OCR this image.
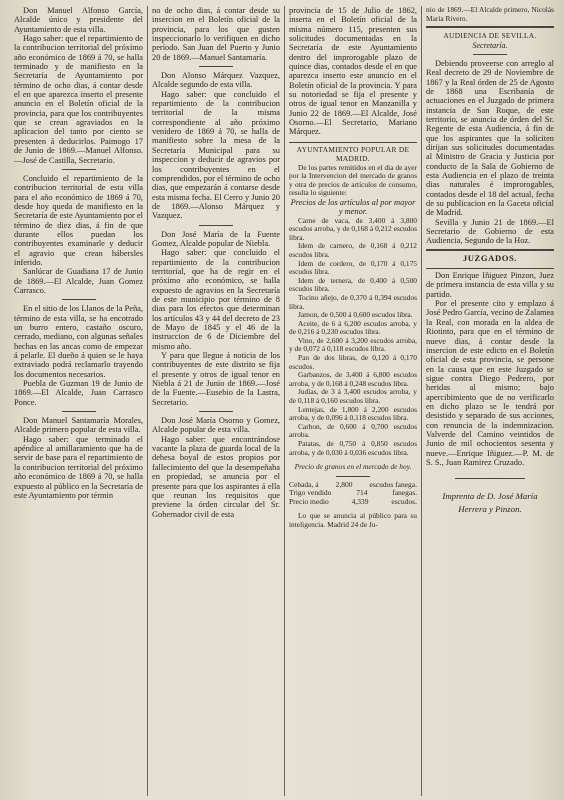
Don Manuel Alfonso García, Alcalde único y presidente del Ayuntamiento de esta villa.

Hago saber: que el repartimiento de la contribucion territorial del próximo año económico de 1869 á 70, se halla terminado y de manifiesto en la Secretaría de Ayuntamiento por término de ocho dias, á contar desde el en que aparezca inserto el presente anuncio en el Boletín oficial de la provincia, para que los contribuyentes que se crean agraviados en la aplicacion del tanto por ciento se presenten á deducirlos. Paimogo 17 de Junio de 1869.—Manuel Alfonso.—José de Castilla, Secretario.

Concluido el repartimiento de la contribucion territorial de esta villa para el año económico de 1869 á 70, desde hoy queda de manifiesto en la Secretaría de este Ayuntamiento por el término de diez dias, á fin de que durante ellos puedan los contribuyentes examinarle y deducir el agravio que crean hábersles inferido.

Sanlúcar de Guadiana 17 de Junio de 1869.—El Alcalde, Juan Gomez Carrasco.

En el sitio de los Llanos de la Peña, término de esta villa, se ha encotrado un burro entero, castaño oscuro, cerrado, mediano, con algunas señales hechas en las ancas como de empezar á pelarle. El dueño á quien se le haya extraviado podrá reclamarlo trayendo los documentos necesarios.

Puebla de Guzman 19 de Junio de 1869.—El Alcalde, Juan Carrasco Ponce.

Don Manuel Santamaría Morales, Alcalde primero popular de esta villa.

Hago saber: que terminado el apéndice al amillaramiento que ha de servir de base para el repartimiento de la contribucion territorial del próximo año económico de 1869 á 70, se halla expuesto al público en la Secretaría de este Ayuntamiento por términ

no de ocho dias, á contar desde su insercion en el Boletín oficial de la provincia, para los que gusten inspeccionarlo lo verifiquen en dicho período. San Juan del Puerto y Junio 20 de 1869.—Manuel Santamaría.

Don Alonso Márquez Vazquez, Alcalde segundo de esta villa.

Hago saber: que concluido el repartimiento de la contribucion territorial de la misma correspondiente al año próximo venidero de 1869 á 70, se halla de manifiesto sobre la mesa de la Secretaría Municipal para su inspeccion y deducir de agravios por los contribuyentes en el comprendidos, por el término de ocho dias, que empezarán á contarse desde esta misma fecha. El Cerro y Junio 20 de 1869.—Alonso Márquez y Vazquez.

Don José María de la Fuente Gomez, Alcalde popular de Niebla.

Hago saber: que concluido el repartimiento de la contribucion territorial, que ha de regir en el próximo año económico, se halla expuesto de agravios en la Secretaría de este municipio por término de 8 dias para los efectos que determinan los artículos 43 y 44 del decreto de 23 de Mayo de 1845 y el 46 de la instruccion de 6 de Diciembre del mismo año.

Y para que llegue á noticia de los contribuyentes de este distrito se fija el presente y otros de igual tenor en Niebla á 21 de Junio de 1869.—José de la Fuente.—Eusebio de la Lastra, Secretario.

Don José María Osorno y Gomez, Alcalde popular de esta villa.

Hago saber: que encontrándose vacante la plaza de guarda local de la dehesa boyal de estos propios por fallecimiento del que la desempeñaba en propiedad, se anuncia por el presente para que los aspirantes á ella que reunan los requisitos que previene la órden circular del Sr. Gobernador civil de esta

provincia de 15 de Julio de 1862, inserta en el Boletín oficial de la misma número 115, presenten sus solicitudes documentadas en la Secretaría de este Ayuntamiento dentro del improrogable plazo de quince dias, contados desde el en que aparezca inserto este anuncio en el Boletín oficial de la provincia. Y para su notoriedad se fija el presente y otros de igual tenor en Manzanilla y Junio 22 de 1869.—El Alcalde, José Osorno.—El Secretario, Mariano Márquez.

AYUNTAMIENTO POPULAR DE

MADRID.

De los partes remitidos en el dia de ayer por la Intervencion del mercado de granos y otra de precios de artículos de consumo, resulta lo siguiente:

Precios de los artículos al por mayor y menor.

Carne de vaca, de 3,400 á 3,800 escudos arroba, y de 0,168 á 0,212 escudos libra.

Idem de carnero, de 0,168 á 0,212 escudos libra.

Idem de cordero, de 0,170 á 0,175 escudos libra.

Idem de ternera, de 0,400 á 0,500 escudos libra.

Tocino añejo, de 0,370 á 0,394 escudos libra.

Jamon, de 0,500 á 0,600 escudos libra.

Aceite, de 6 á 6,200 escudos arroba, y de 0,216 á 0,230 escudos libra.

Vino, de 2,600 á 3,200 escudos arroba, y de 0,072 á 0,118 escudos libra.

Pan de dos libras, de 0,120 á 0,170 escudos.

Garbanzos, de 3,400 á 6,800 escudos arroba, y de 0,168 á 0,248 escudos libra.

Judías, de 3 á 3,400 escudos arroba, y de 0,118 á 0,160 escudos libra.

Lentejas, de 1,800 á 2,200 escudos arroba, y de 0,096 á 0,118 escudos libra.

Carbon, de 0,600 á 0,700 escudos arroba.

Patatas, de 0,750 á 0,850 escudos arroba, y de 0,030 á 0,036 escudos libra.

Precio de granos en el mercado de hoy.

Cebada, á 2,800 escudos fanega.
Trigo vendido	714	fanegas.
Precio medio	4,339	escudos.

Lo que se anuncia al público para su inteligencia. Madrid 24 de Ju-

nio de 1869.—El Alcalde primero, Nicolás María Rivero.

AUDIENCIA DE SEVILLA.

Secretaría.

Debiendo proveerse con arreglo al Real decreto de 29 de Noviembre de 1867 y la Real órden de 25 de Agosto de 1868 una Escribanía de actuaciones en el Juzgado de primera instancia de San Roque, de este territorio, se anuncia de órden del Sr. Regente de esta Audiencia, á fin de que los aspirantes que la soliciten dirijan sus solicitudes documentadas al Ministro de Gracia y Justicia por conducto de la Sala de Gobierno de esta Audiencia en el plazo de treinta dias naturales é improrogables, contados desde el 18 del actual, fecha de su publicacion en la Gaceta oficial de Madrid.

Sevilla y Junio 21 de 1869.—El Secretario de Gobierno de esta Audiencia, Segundo de la Hoz.

JUZGADOS.

Don Enrique Iñiguez Pinzon, Juez de primera instancia de esta villa y su partido.

Por el presente cito y emplazo á José Pedro García, vecino de Zalamea la Real, con morada en la aldea de Riotinto, para que en el término de nueve dias, á contar desde la insercion de este edicto en el Boletín oficial de esta provincia, se persone en la causa que en este Juzgado se sigue contra Diego Pedrero, por heridas al mismo; bajo apercibimiento que de no verificarlo en dicho plazo se le tendrá por desistido y separado de sus acciones, con renuncia de la indemnizacion. Valverde del Camino veintidos de Junio de mil ochocientos sesenta y nueve.—Enrique Iñiguez.—P. M. de S. S., Juan Ramirez Cruzado.

Imprenta de D. José María

Herrera y Pinzon.
